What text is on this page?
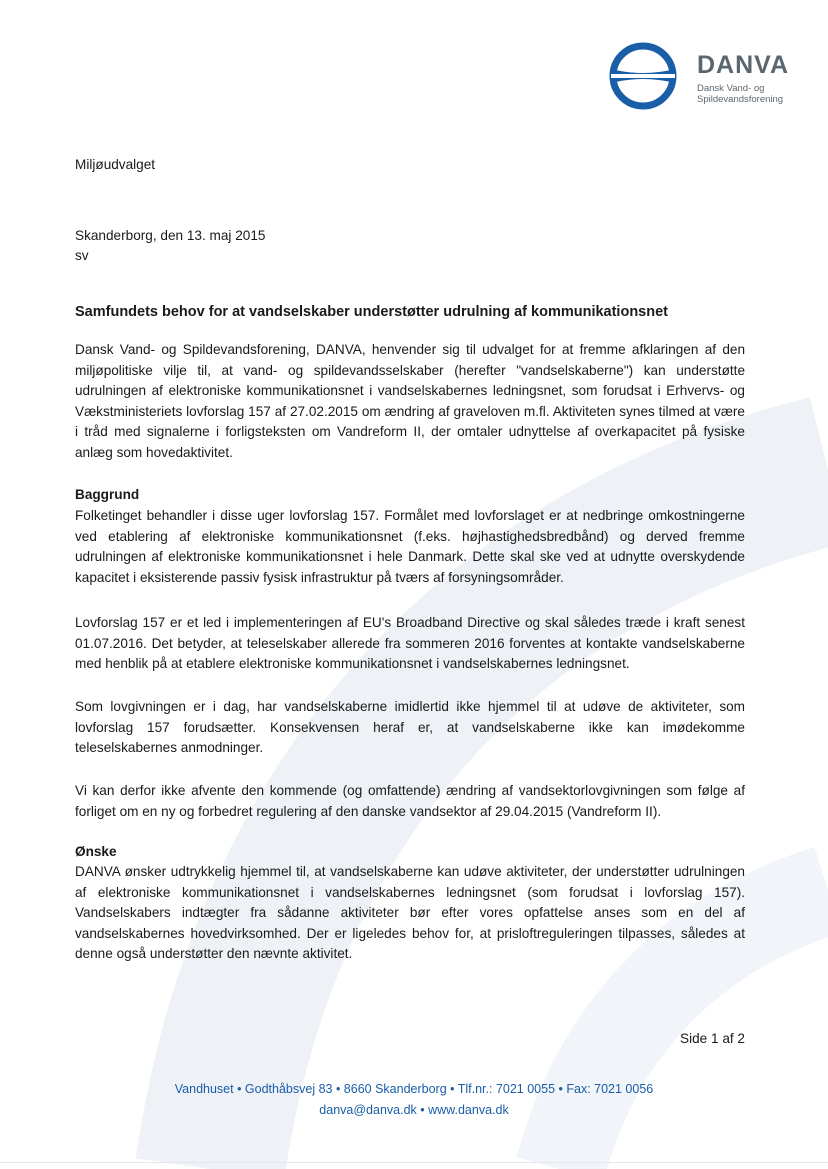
DANVA
Dansk Vand- og
Spildevandsforening
Miljøudvalget
Skanderborg, den 13. maj 2015
sv
Samfundets behov for at vandselskaber understøtter udrulning af kommunikationsnet
Dansk Vand- og Spildevandsforening, DANVA, henvender sig til udvalget for at fremme afklaringen af den miljøpolitiske vilje til, at vand- og spildevandsselskaber (herefter "vandselskaberne") kan understøtte udrulningen af elektroniske kommunikationsnet i vandselskabernes ledningsnet, som forudsat i Erhvervs- og Vækstministeriets lovforslag 157 af 27.02.2015 om ændring af graveloven m.fl. Aktiviteten synes tilmed at være i tråd med signalerne i forligsteksten om Vandreform II, der omtaler udnyttelse af overkapacitet på fysiske anlæg som hovedaktivitet.
Baggrund
Folketinget behandler i disse uger lovforslag 157. Formålet med lovforslaget er at nedbringe omkostningerne ved etablering af elektroniske kommunikationsnet (f.eks. højhastighedsbredbånd) og derved fremme udrulningen af elektroniske kommunikationsnet i hele Danmark. Dette skal ske ved at udnytte overskydende kapacitet i eksisterende passiv fysisk infrastruktur på tværs af forsyningsområder.
Lovforslag 157 er et led i implementeringen af EU's Broadband Directive og skal således træde i kraft senest 01.07.2016. Det betyder, at teleselskaber allerede fra sommeren 2016 forventes at kontakte vandselskaberne med henblik på at etablere elektroniske kommunikationsnet i vandselskabernes ledningsnet.
Som lovgivningen er i dag, har vandselskaberne imidlertid ikke hjemmel til at udøve de aktiviteter, som lovforslag 157 forudsætter. Konsekvensen heraf er, at vandselskaberne ikke kan imødekomme teleselskabernes anmodninger.
Vi kan derfor ikke afvente den kommende (og omfattende) ændring af vandsektorlovgivningen som følge af forliget om en ny og forbedret regulering af den danske vandsektor af 29.04.2015 (Vandreform II).
Ønske
DANVA ønsker udtrykkelig hjemmel til, at vandselskaberne kan udøve aktiviteter, der understøtter udrulningen af elektroniske kommunikationsnet i vandselskabernes ledningsnet (som forudsat i lovforslag 157). Vandselskabers indtægter fra sådanne aktiviteter bør efter vores opfattelse anses som en del af vandselskabernes hovedvirksomhed. Der er ligeledes behov for, at prisloftreguleringen tilpasses, således at denne også understøtter den nævnte aktivitet.
Side 1 af 2
Vandhuset • Godthåbsvej 83 • 8660 Skanderborg • Tlf.nr.: 7021 0055 • Fax: 7021 0056
danva@danva.dk • www.danva.dk
